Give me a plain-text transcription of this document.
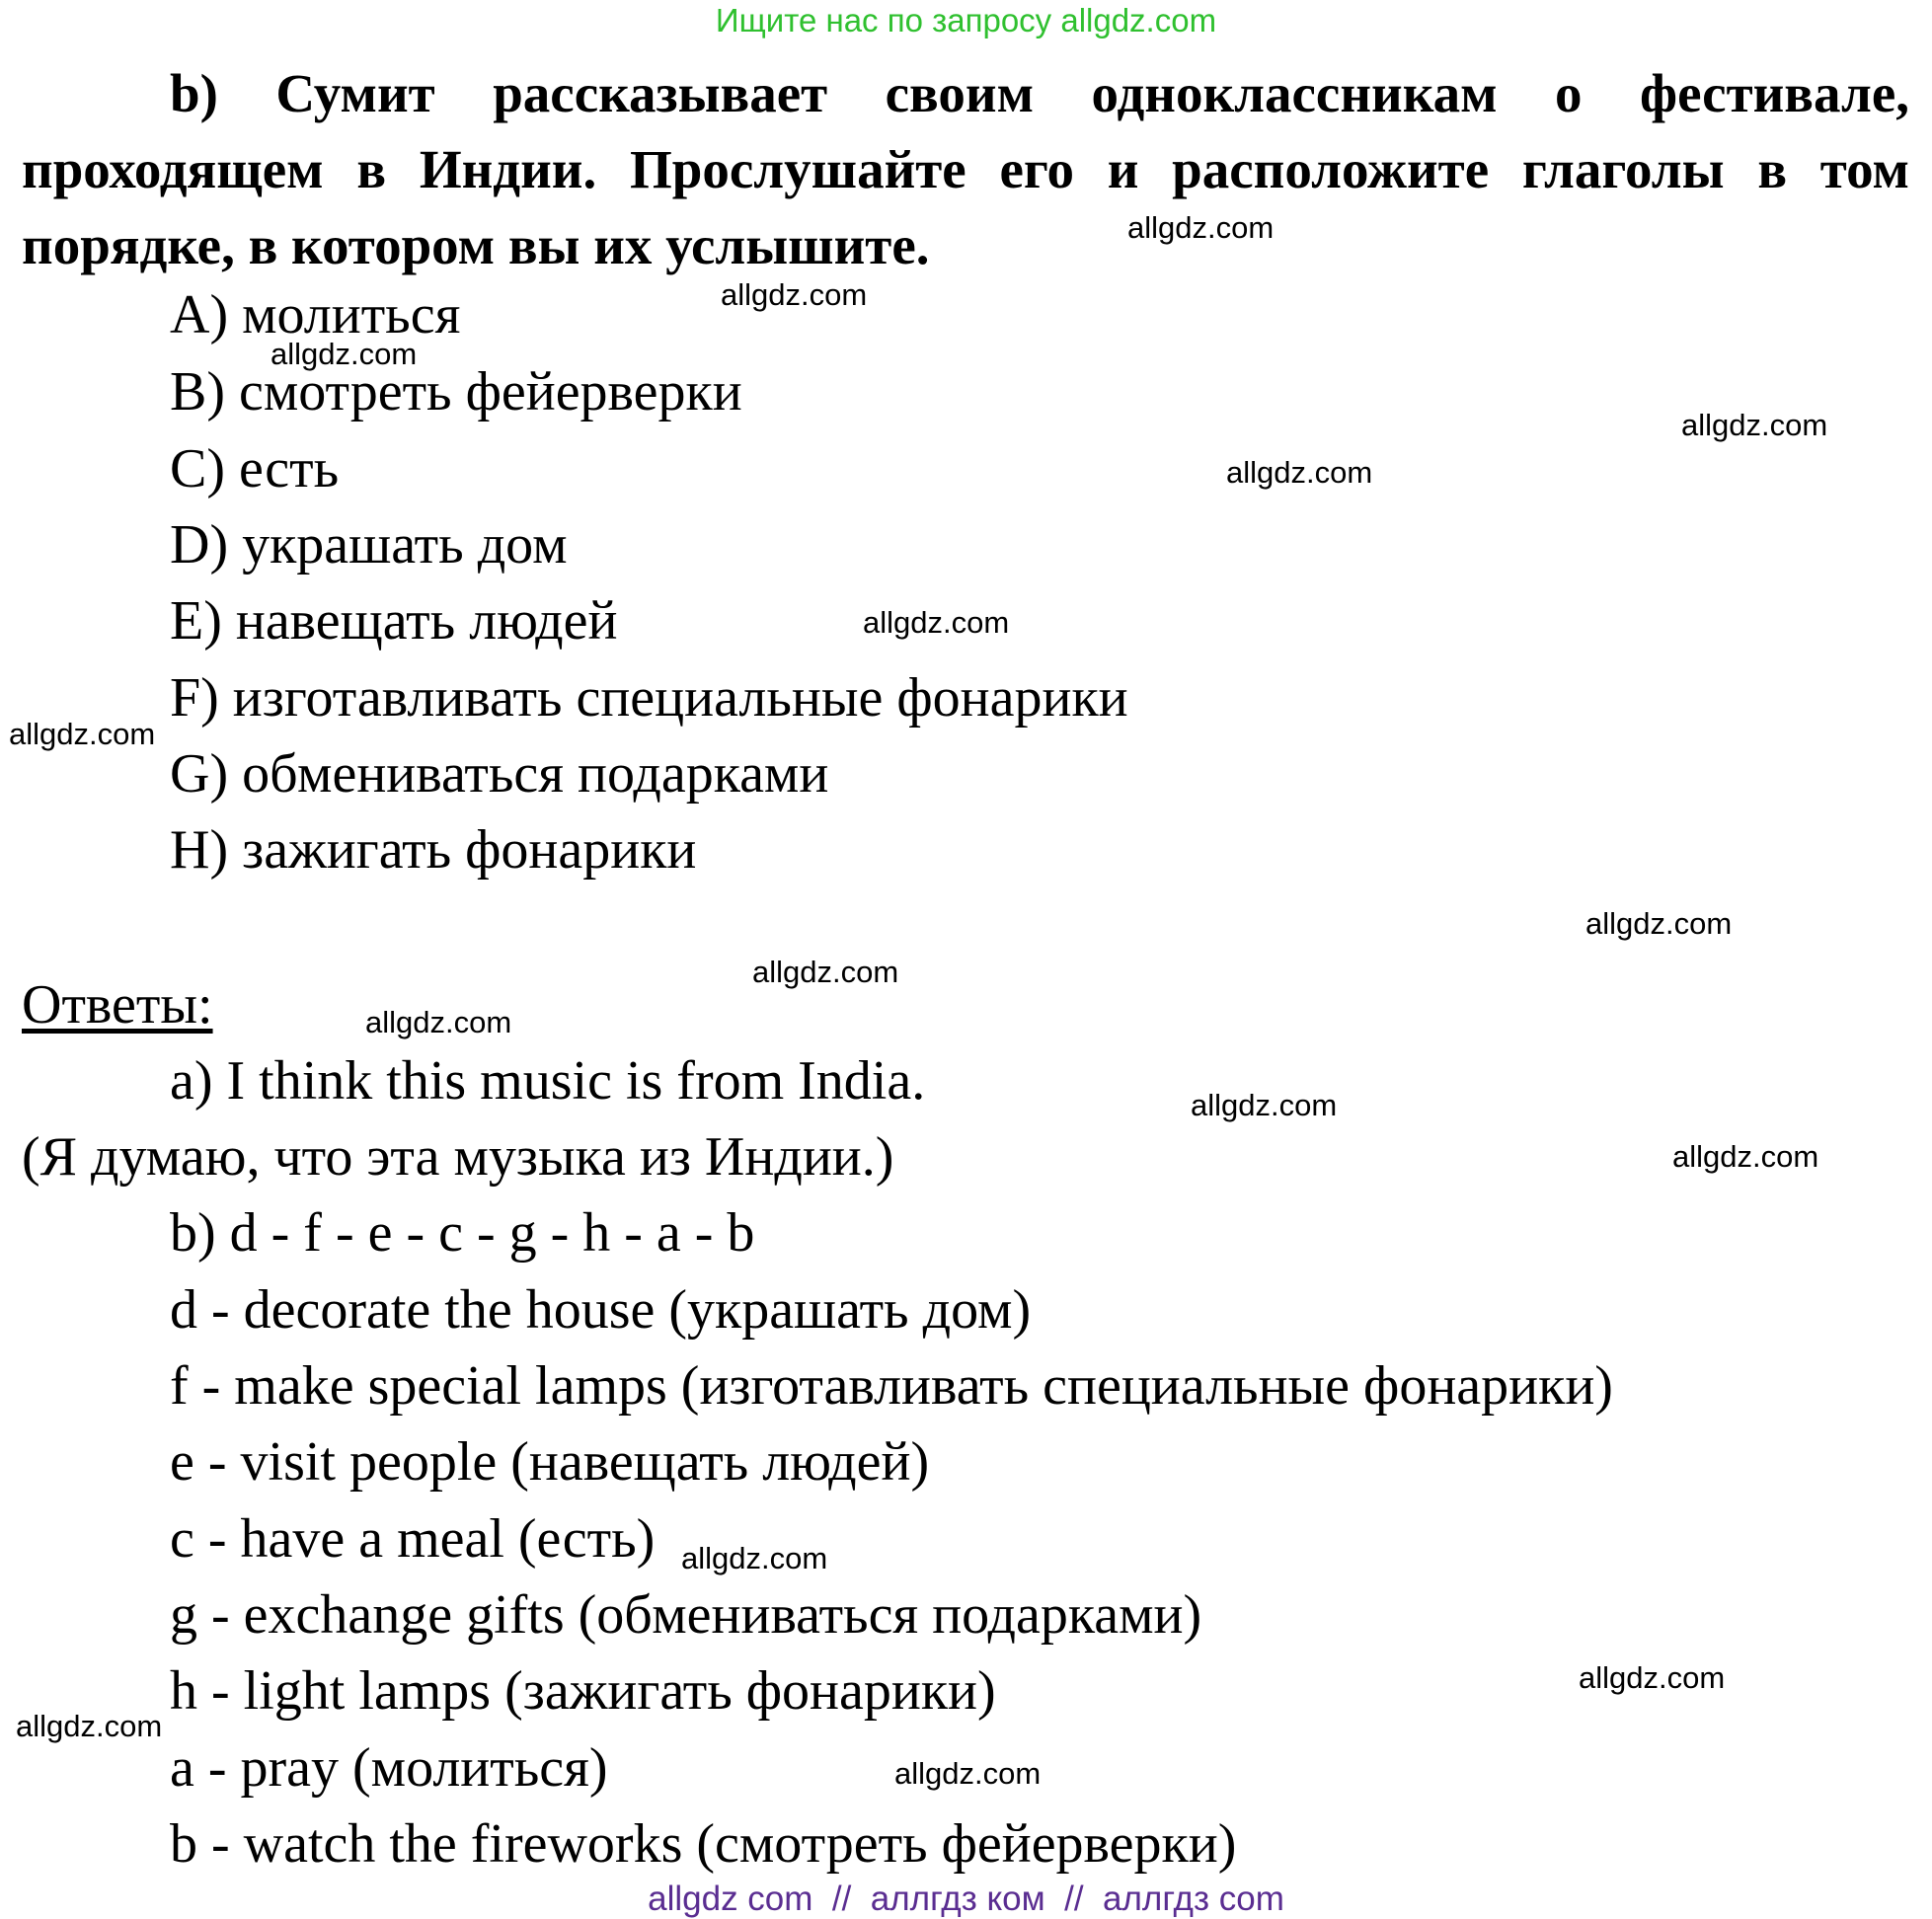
Ищите нас по запросу allgdz.com

b) Сумит рассказывает своим одноклассникам о фестивале, проходящем в Индии. Прослушайте его и расположите глаголы в том порядке, в котором вы их услышите.

A) молиться
B) смотреть фейерверки
C) есть
D) украшать дом
E) навещать людей
F) изготавливать специальные фонарики
G) обмениваться подарками
H) зажигать фонарики
Ответы:
a) I think this music is from India.
(Я думаю, что эта музыка из Индии.)
b) d - f - e - c - g - h - a - b
d - decorate the house (украшать дом)
f - make special lamps (изготавливать специальные фонарики)
e - visit people (навещать людей)
c - have a meal (есть)
g - exchange gifts (обмениваться подарками)
h - light lamps (зажигать фонарики)
a - pray (молиться)
b - watch the fireworks (смотреть фейерверки)
allgdz.com
allgdz.com
allgdz.com
allgdz.com
allgdz.com
allgdz.com
allgdz.com
allgdz.com
allgdz.com
allgdz.com
allgdz.com
allgdz.com
allgdz.com
allgdz.com
allgdz.com
allgdz.com
allgdz com  //  аллгдз ком  //  аллгдз com
